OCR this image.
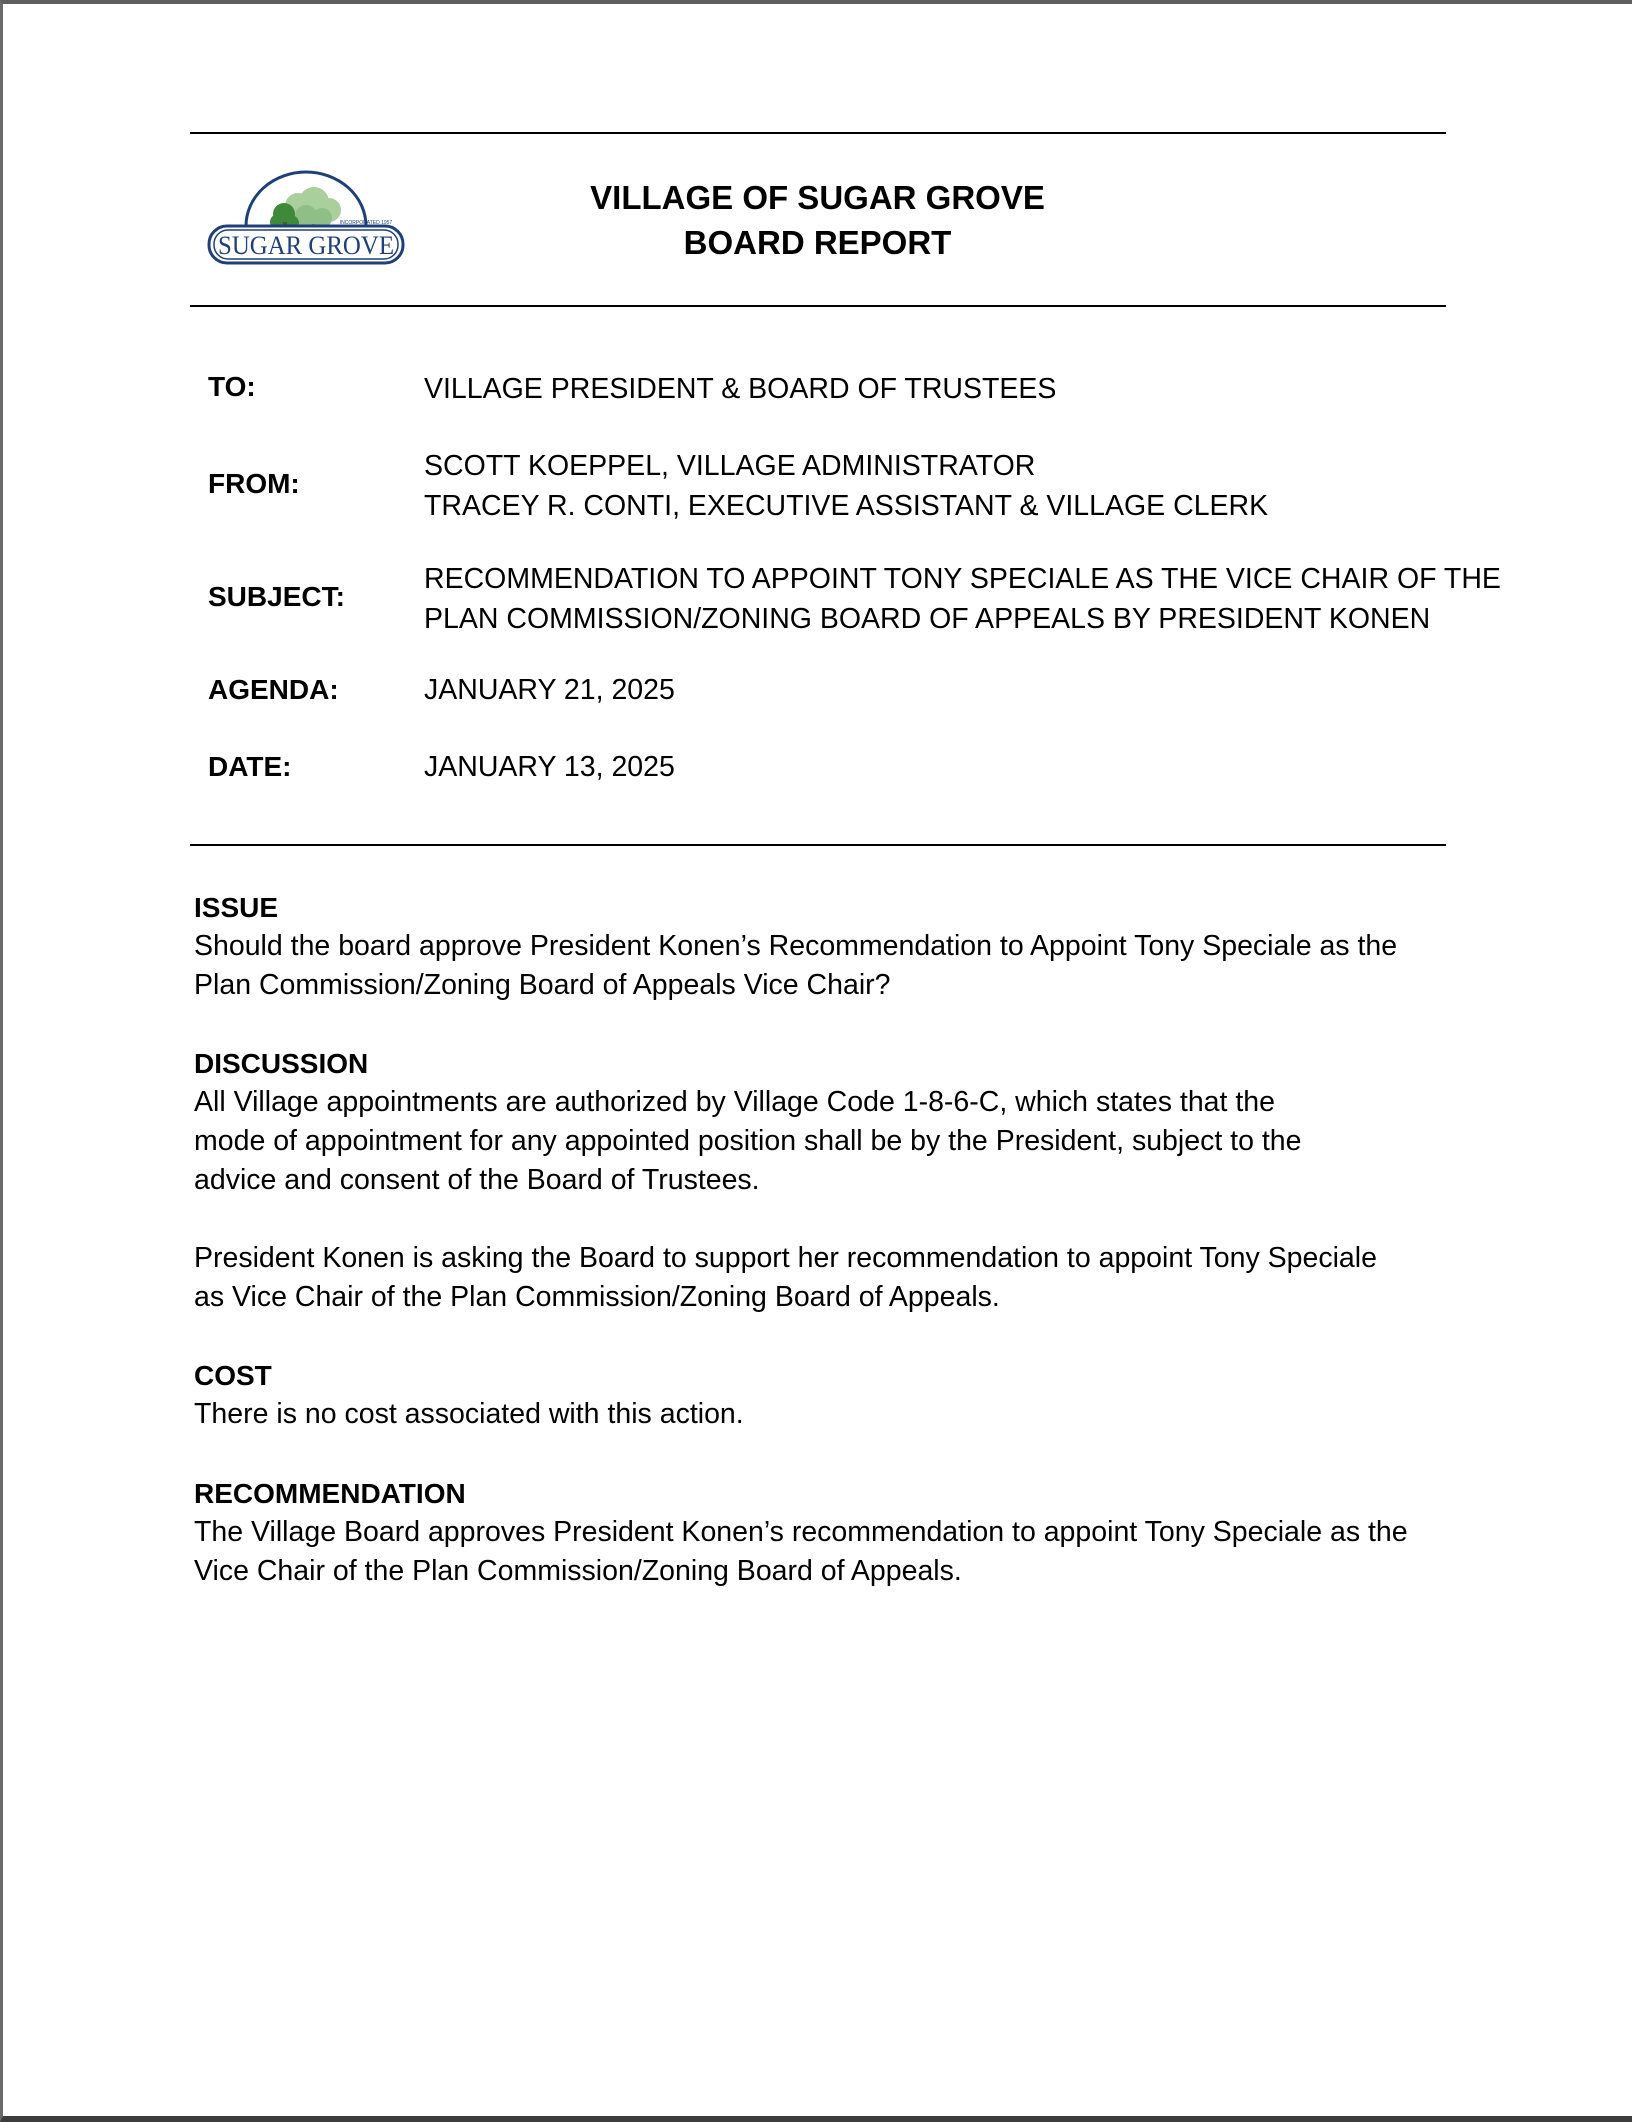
SUGAR GROVE
INCORPORATED 1957
VILLAGE OF SUGAR GROVE
BOARD REPORT
TO:	VILLAGE PRESIDENT & BOARD OF TRUSTEES
FROM:
SCOTT KOEPPEL, VILLAGE ADMINISTRATOR
TRACEY R. CONTI, EXECUTIVE ASSISTANT & VILLAGE CLERK
SUBJECT:
RECOMMENDATION TO APPOINT TONY SPECIALE AS THE VICE CHAIR OF THE
PLAN COMMISSION/ZONING BOARD OF APPEALS BY PRESIDENT KONEN
AGENDA:	JANUARY 21, 2025
DATE:	JANUARY 13, 2025
ISSUE
Should the board approve President Konen’s Recommendation to Appoint Tony Speciale as the
Plan Commission/Zoning Board of Appeals Vice Chair?
DISCUSSION
All Village appointments are authorized by Village Code 1-8-6-C, which states that the
mode of appointment for any appointed position shall be by the President, subject to the
advice and consent of the Board of Trustees.
President Konen is asking the Board to support her recommendation to appoint Tony Speciale
as Vice Chair of the Plan Commission/Zoning Board of Appeals.
COST
There is no cost associated with this action.
RECOMMENDATION
The Village Board approves President Konen’s recommendation to appoint Tony Speciale as the
Vice Chair of the Plan Commission/Zoning Board of Appeals.
